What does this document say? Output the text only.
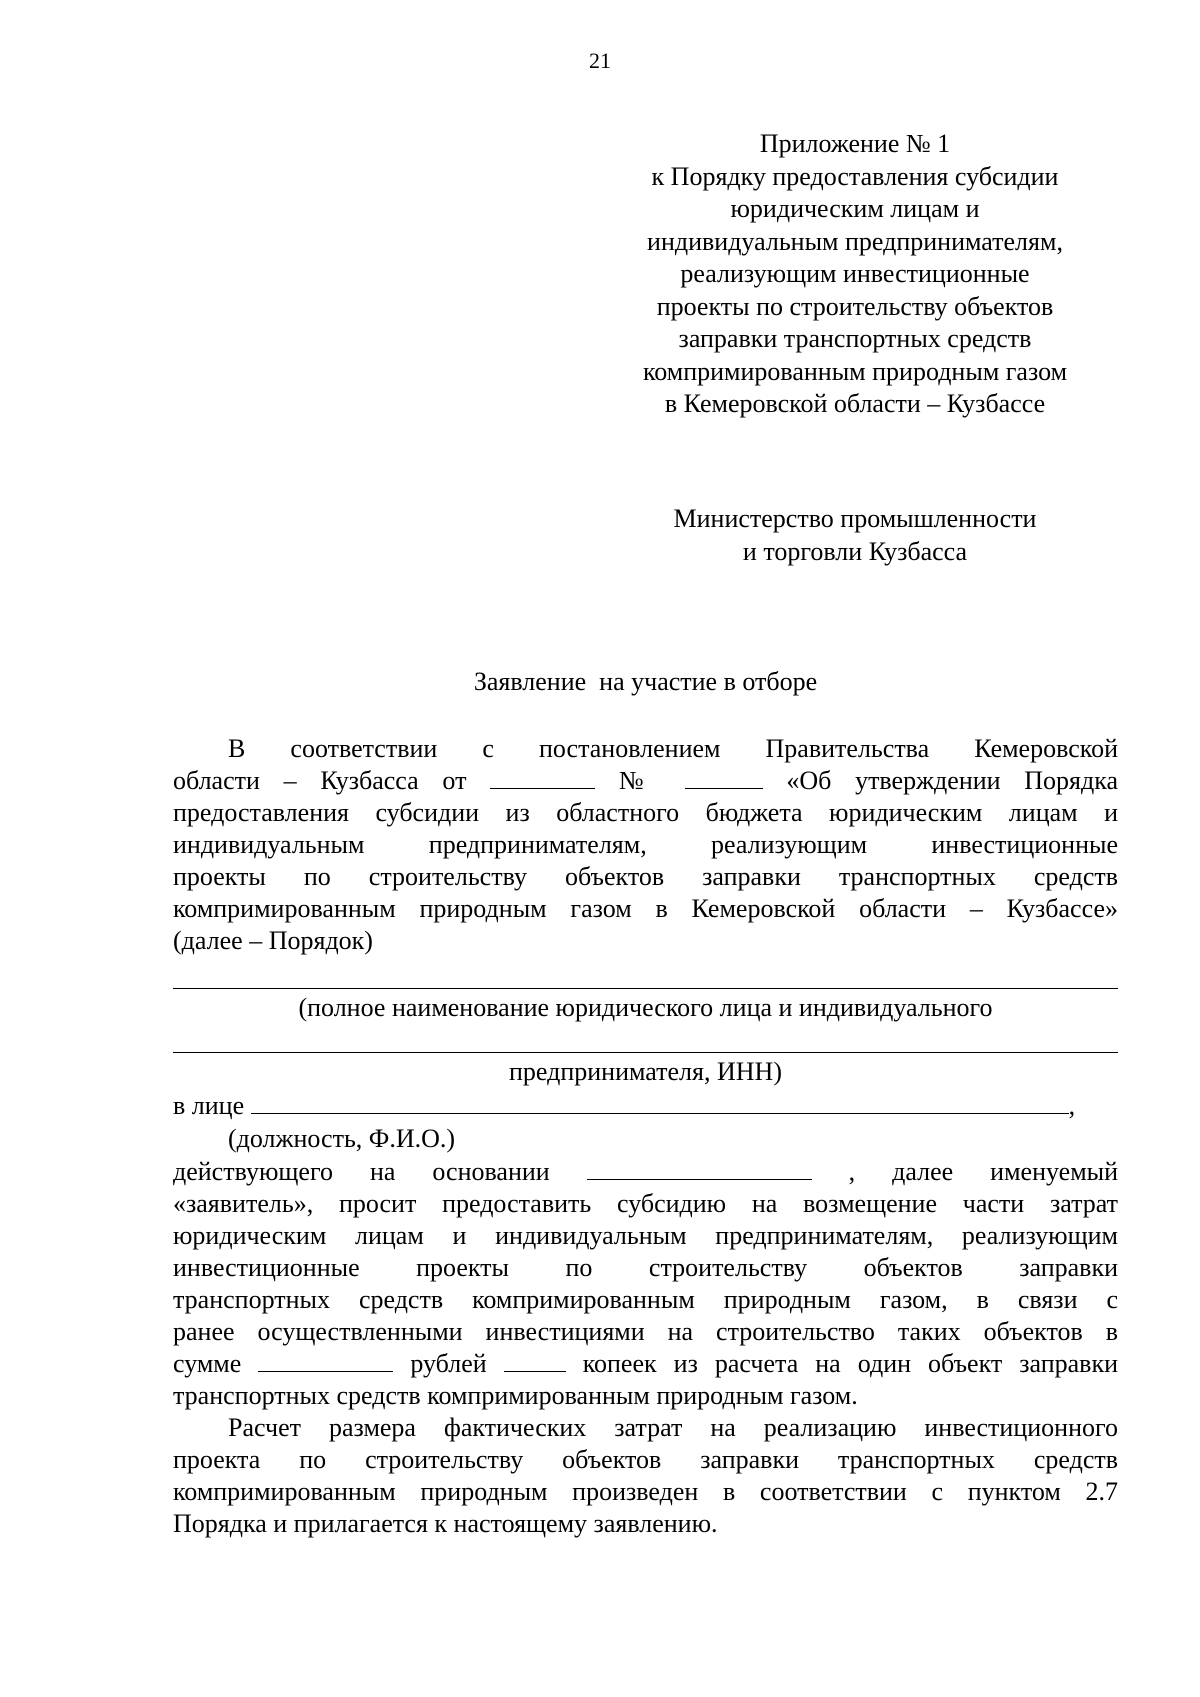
21
Приложение № 1
к Порядку предоставления субсидии
юридическим лицам и
индивидуальным предпринимателям,
реализующим инвестиционные
проекты по строительству объектов
заправки транспортных средств
компримированным природным газом
в Кемеровской области – Кузбассе
Министерство промышленности
и торговли Кузбасса
Заявление  на участие в отборе
В соответствии с постановлением Правительства Кемеровской
области – Кузбасса от	№	«Об утверждении Порядка
предоставления субсидии из областного бюджета юридическим лицам и
индивидуальным предпринимателям, реализующим инвестиционные
проекты по строительству объектов заправки транспортных средств
компримированным природным газом в Кемеровской области – Кузбассе»
(далее – Порядок)
(полное наименование юридического лица и индивидуального
предпринимателя, ИНН)
в лице	,
(должность, Ф.И.О.)
действующего на основании	, далее именуемый
«заявитель», просит предоставить субсидию на возмещение части затрат
юридическим лицам и индивидуальным предпринимателям, реализующим
инвестиционные проекты по строительству объектов заправки
транспортных средств компримированным природным газом, в связи с
ранее осуществленными инвестициями на строительство таких объектов в
сумме	рублей	копеек из расчета на один объект заправки
транспортных средств компримированным природным газом.
Расчет размера фактических затрат на реализацию инвестиционного
проекта по строительству объектов заправки транспортных средств
компримированным природным произведен в соответствии с пунктом 2.7
Порядка и прилагается к настоящему заявлению.
